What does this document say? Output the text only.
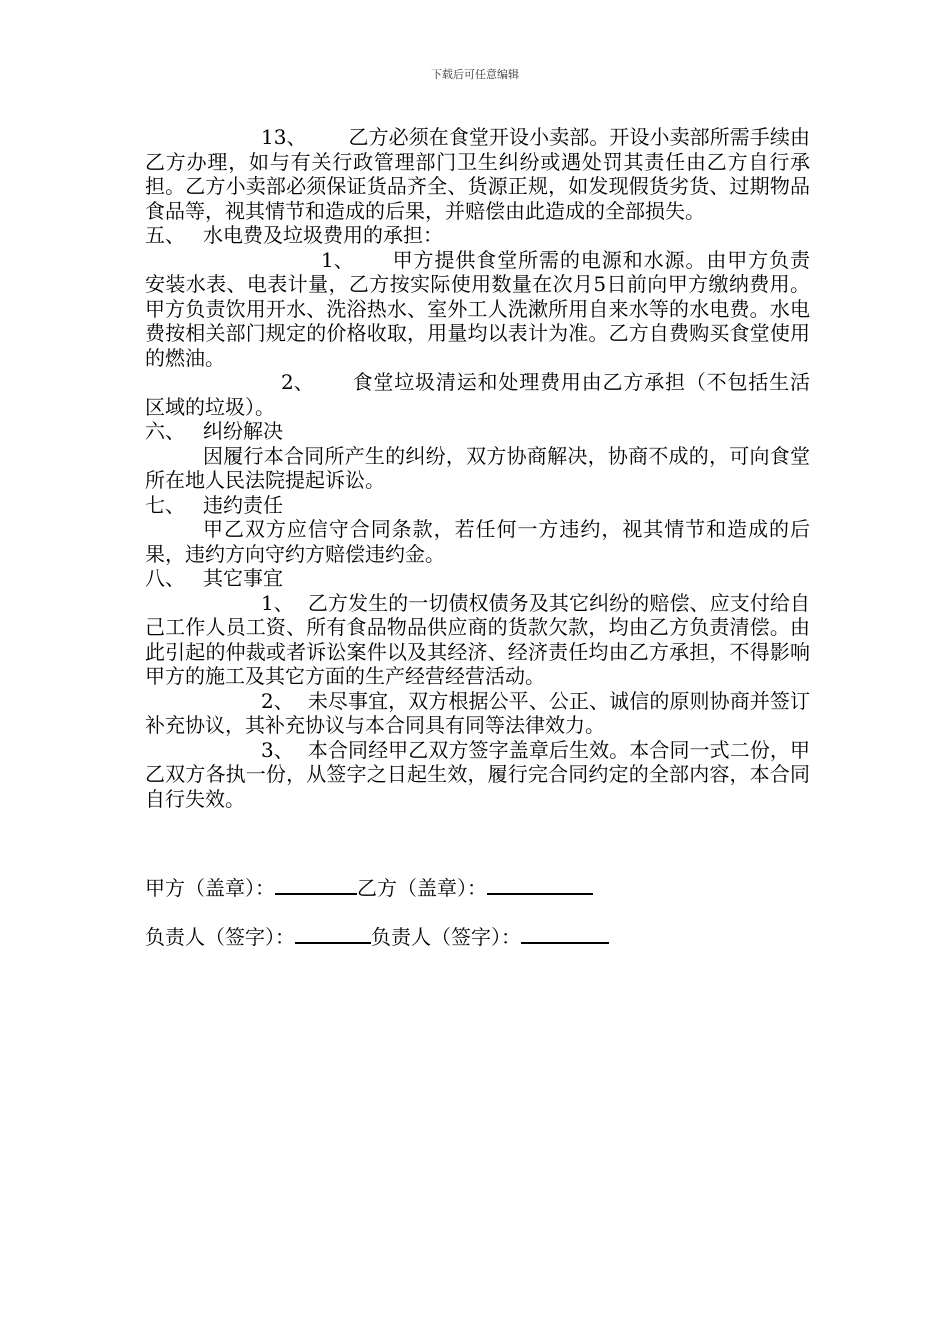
下载后可任意编辑

13、 乙方必须在食堂开设小卖部。开设小卖部所需手续由乙方办理，如与有关行政管理部门卫生纠纷或遇处罚其责任由乙方自行承担。乙方小卖部必须保证货品齐全、货源正规，如发现假货劣货、过期物品食品等，视其情节和造成的后果，并赔偿由此造成的全部损失。

五、 水电费及垃圾费用的承担：

1、 甲方提供食堂所需的电源和水源。由甲方负责安装水表、电表计量，乙方按实际使用数量在次月5日前向甲方缴纳费用。甲方负责饮用开水、洗浴热水、室外工人洗漱所用自来水等的水电费。水电费按相关部门规定的价格收取，用量均以表计为准。乙方自费购买食堂使用的燃油。

2、 食堂垃圾清运和处理费用由乙方承担（不包括生活区域的垃圾）。

六、 纠纷解决

因履行本合同所产生的纠纷，双方协商解决，协商不成的，可向食堂所在地人民法院提起诉讼。

七、 违约责任

甲乙双方应信守合同条款，若任何一方违约，视其情节和造成的后果，违约方向守约方赔偿违约金。

八、 其它事宜

1、 乙方发生的一切债权债务及其它纠纷的赔偿、应支付给自己工作人员工资、所有食品物品供应商的货款欠款，均由乙方负责清偿。由此引起的仲裁或者诉讼案件以及其经济、经济责任均由乙方承担，不得影响甲方的施工及其它方面的生产经营经营活动。

2、 未尽事宜，双方根据公平、公正、诚信的原则协商并签订补充协议，其补充协议与本合同具有同等法律效力。

3、 本合同经甲乙双方签字盖章后生效。本合同一式二份，甲乙双方各执一份，从签字之日起生效，履行完合同约定的全部内容，本合同自行失效。

甲方（盖章）：	乙方（盖章）：
负责人（签字）：	负责人（签字）：
